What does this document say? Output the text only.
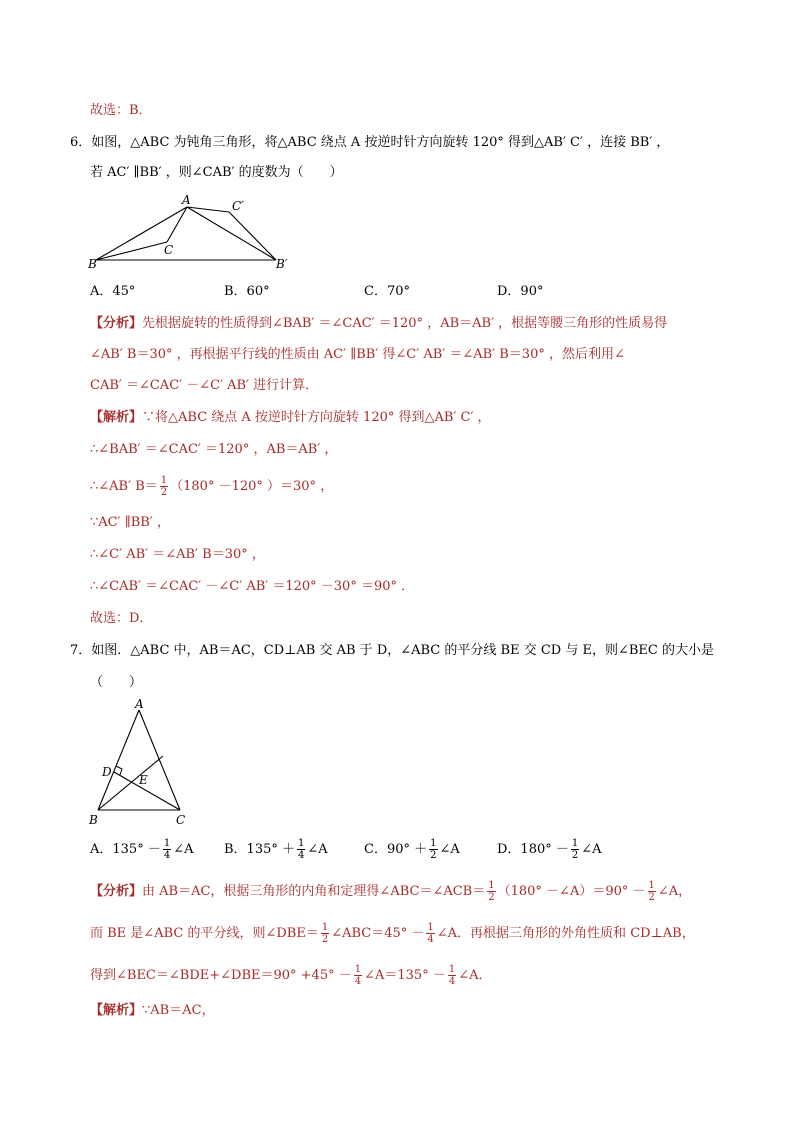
故选：B．
6．如图，△ABC 为钝角三角形，将△ABC 绕点 A 按逆时针方向旋转 120° 得到△AB′ C′ ，连接 BB′ ，
若 AC′ ∥BB′ ，则∠CAB′ 的度数为（　　）
A
B
C
B′
C′
A．45°	B．60°	C．70°	D．90°
【分析】先根据旋转的性质得到∠BAB′ ＝∠CAC′ ＝120° ，AB＝AB′ ，根据等腰三角形的性质易得
∠AB′ B＝30° ，再根据平行线的性质由 AC′ ∥BB′ 得∠C′ AB′ ＝∠AB′ B＝30° ，然后利用∠
CAB′ ＝∠CAC′ －∠C′ AB′ 进行计算．
【解析】∵将△ABC 绕点 A 按逆时针方向旋转 120° 得到△AB′ C′ ，
∴∠BAB′ ＝∠CAC′ ＝120° ，AB＝AB′ ，
∴∠AB′ $B= \frac{1}{2} (180^\circ -120^\circ$ ）＝30° ，
∵AC′ ∥BB′ ，
∴∠C′ AB′ ＝∠AB′ B＝30° ，
∴∠CAB′ ＝∠CAC′ －∠C′ AB′ ＝120° －30° ＝90° ．
故选：D．
7．如图．△ABC 中，AB＝AC，CD⊥AB 交 AB 于 D，∠ABC 的平分线 BE 交 CD 与 E，则∠BEC 的大小是
（　　）
A
B	C
D
E
A．$135^\circ - \frac{1}{4}$ ∠A B．$135^\circ + \frac{1}{4}$ ∠A	C．$90^\circ + \frac{1}{2}$ ∠A	D．$180^\circ - \frac{1}{2}$ ∠A
【分析】由 AB＝AC，根据三角形的内角和定理得∠ABC＝∠ACB＝ $\frac{1}{2} (180^\circ$ －∠A）＝90° － $\frac{1}{2}$ ∠A，
而 BE 是∠ABC 的平分线，则∠DBE＝ $\frac{1}{2}$ ∠ABC＝45° － $\frac{1}{4}$ ∠A．再根据三角形的外角性质和 CD⊥AB，
得到∠BEC＝∠BDE+∠DBE＝90° $+45^\circ - \frac{1}{4}$ ∠A＝135° － $\frac{1}{4}$ ∠A．
【解析】∵AB＝AC，
